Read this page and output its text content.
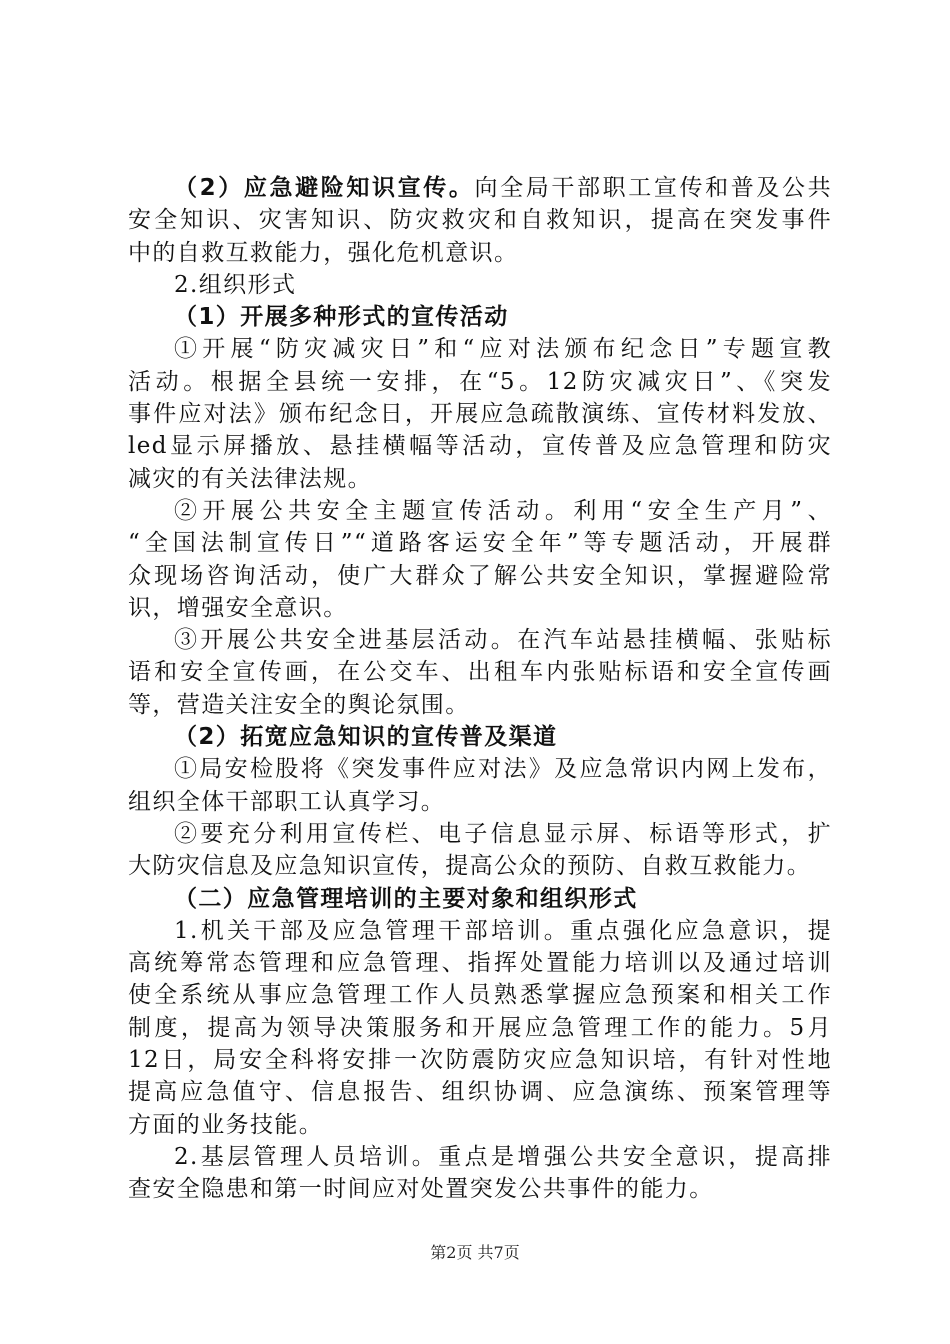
（2）应急避险知识宣传。向全局干部职工宣传和普及公共
安全知识、灾害知识、防灾救灾和自救知识，提高在突发事件
中的自救互救能力，强化危机意识。
2.组织形式
（1）开展多种形式的宣传活动
①开展“防灾减灾日”和“应对法颁布纪念日”专题宣教
活动。根据全县统一安排，在“5。12防灾减灾日”、《突发
事件应对法》颁布纪念日，开展应急疏散演练、宣传材料发放、
led显示屏播放、悬挂横幅等活动，宣传普及应急管理和防灾
减灾的有关法律法规。
②开展公共安全主题宣传活动。利用“安全生产月”、
“全国法制宣传日”“道路客运安全年”等专题活动，开展群
众现场咨询活动，使广大群众了解公共安全知识，掌握避险常
识，增强安全意识。
③开展公共安全进基层活动。在汽车站悬挂横幅、张贴标
语和安全宣传画，在公交车、出租车内张贴标语和安全宣传画
等，营造关注安全的舆论氛围。
（2）拓宽应急知识的宣传普及渠道
①局安检股将《突发事件应对法》及应急常识内网上发布，
组织全体干部职工认真学习。
②要充分利用宣传栏、电子信息显示屏、标语等形式，扩
大防灾信息及应急知识宣传，提高公众的预防、自救互救能力。
（二）应急管理培训的主要对象和组织形式
1.机关干部及应急管理干部培训。重点强化应急意识，提
高统筹常态管理和应急管理、指挥处置能力培训以及通过培训
使全系统从事应急管理工作人员熟悉掌握应急预案和相关工作
制度，提高为领导决策服务和开展应急管理工作的能力。5月
12日，局安全科将安排一次防震防灾应急知识培，有针对性地
提高应急值守、信息报告、组织协调、应急演练、预案管理等
方面的业务技能。
2.基层管理人员培训。重点是增强公共安全意识，提高排
查安全隐患和第一时间应对处置突发公共事件的能力。
第2页 共7页
